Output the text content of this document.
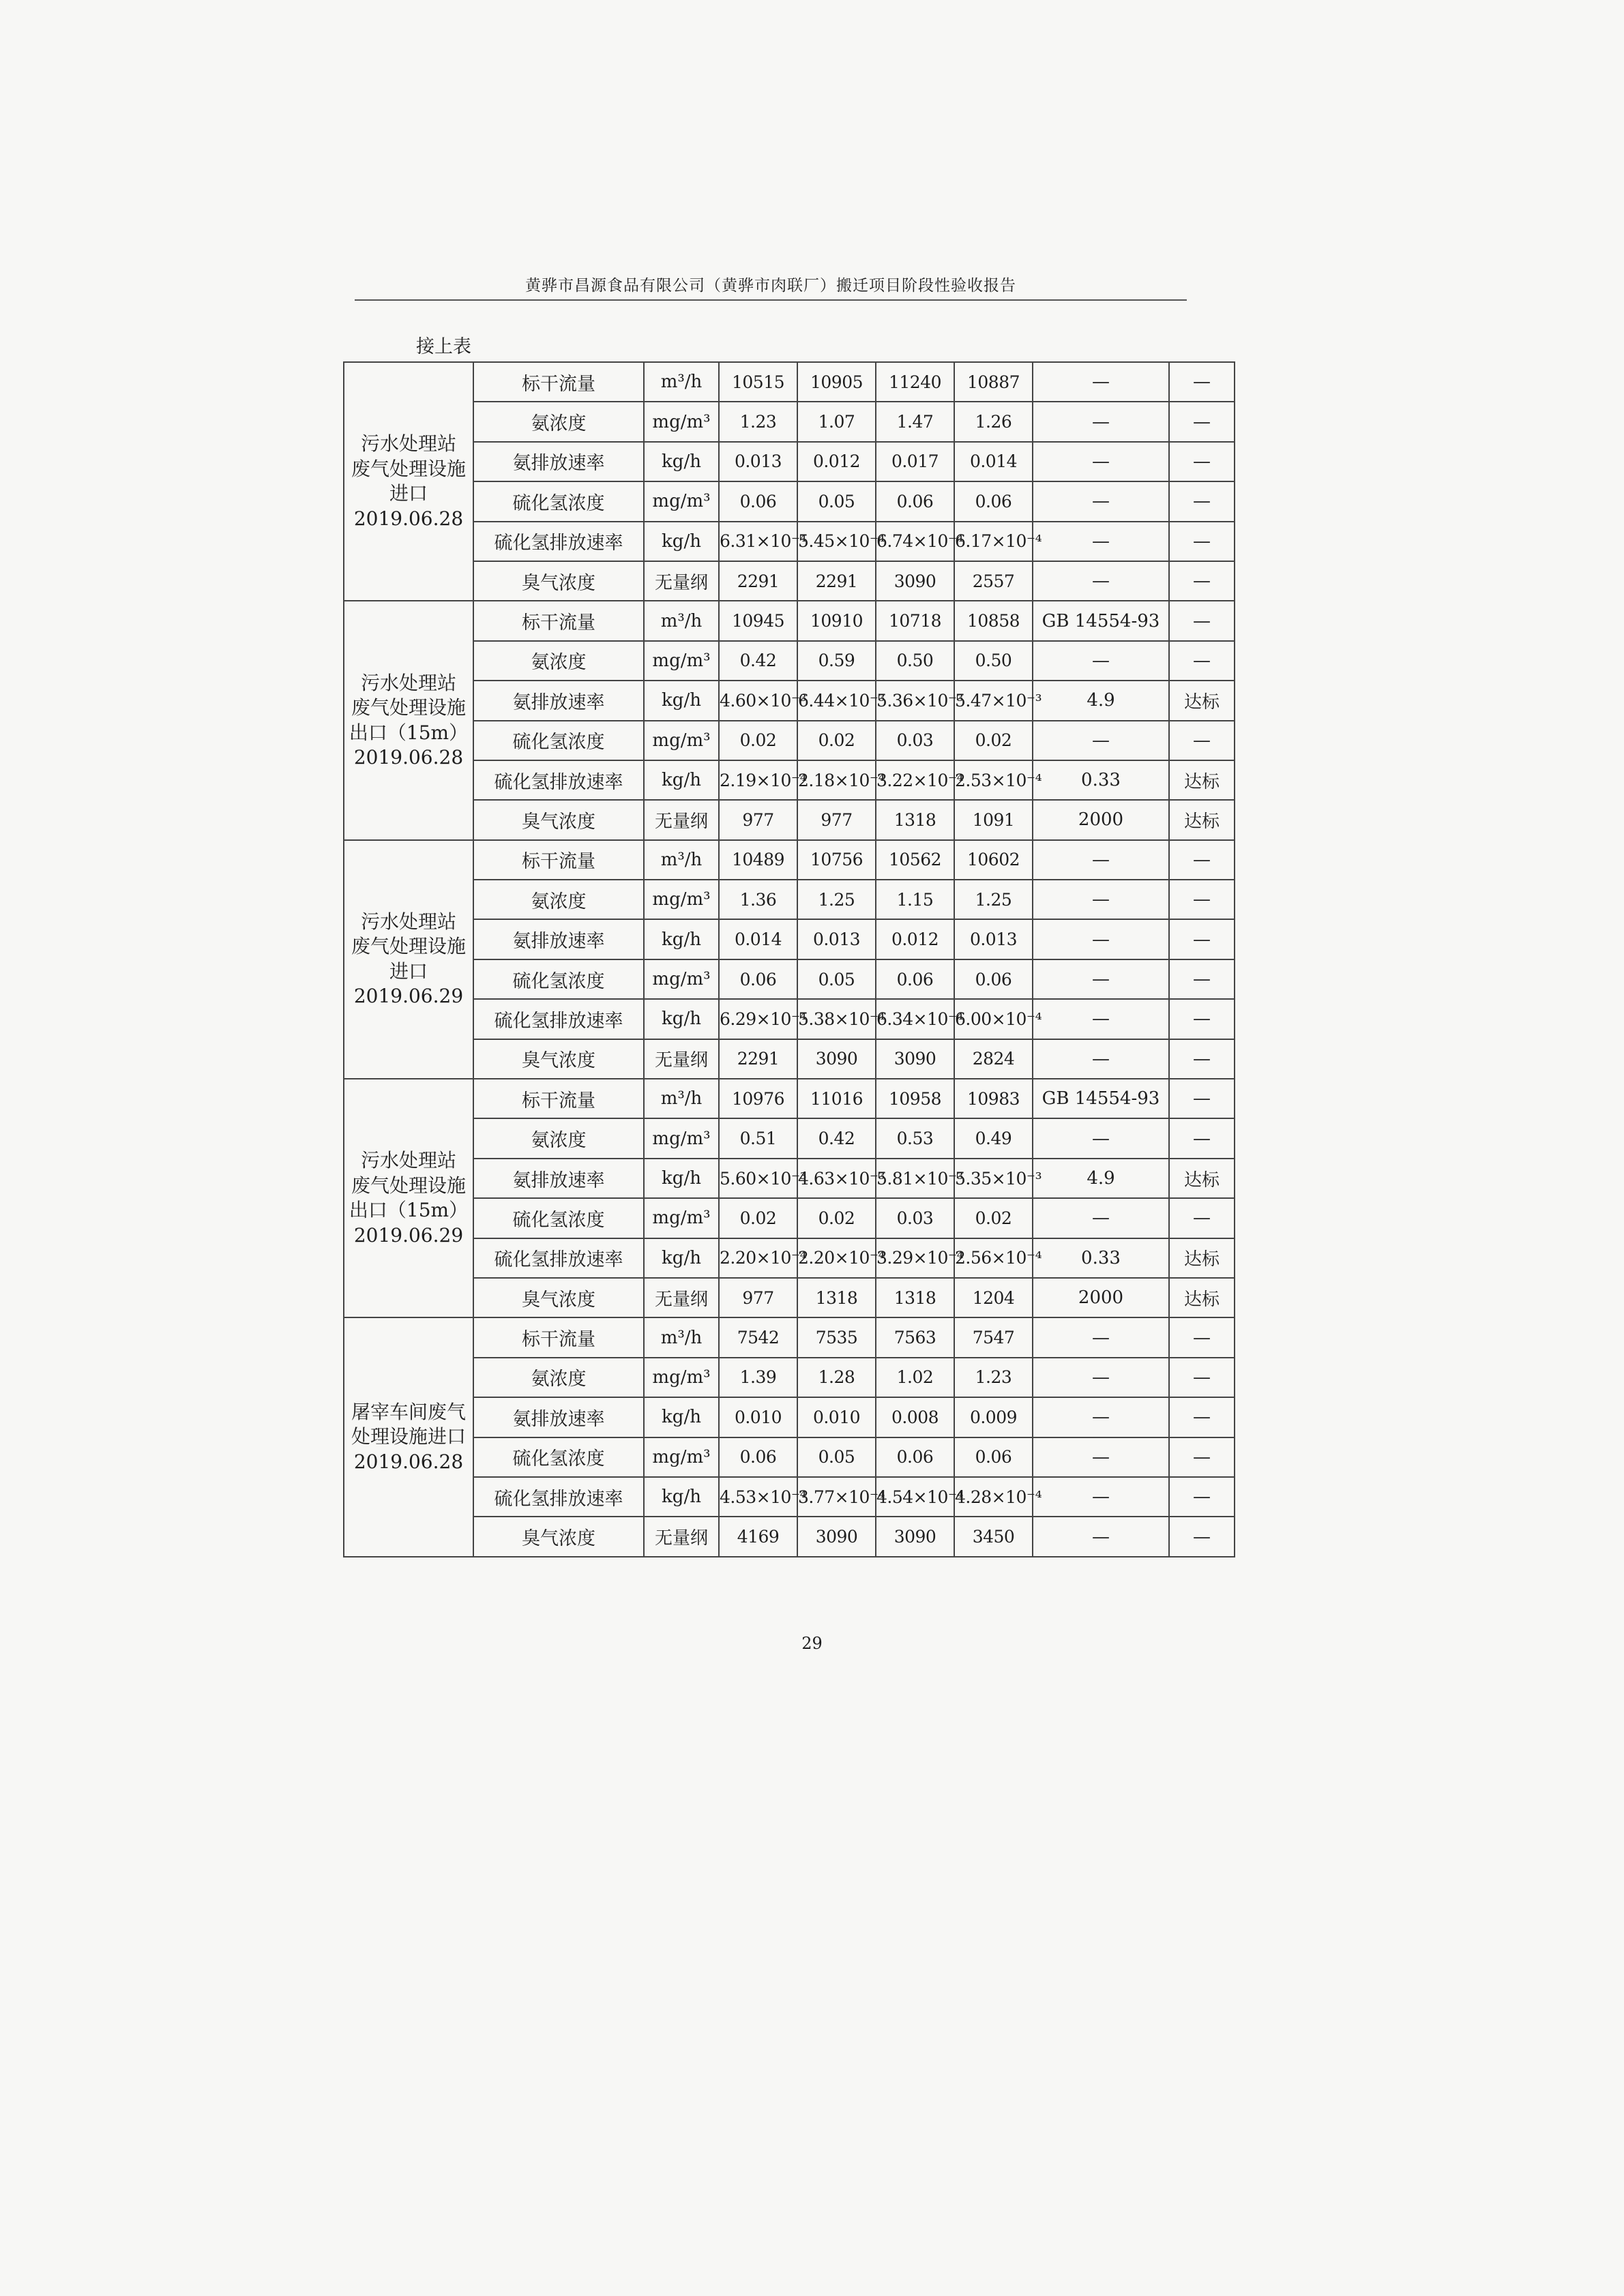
黄骅市昌源食品有限公司（黄骅市肉联厂）搬迁项目阶段性验收报告
接上表
污水处理站
废气处理设施
进口
2019.06.28	标干流量	m³/h	10515	10905	11240	10887	—	—
	氨浓度	mg/m³	1.23	1.07	1.47	1.26	—	—
	氨排放速率	kg/h	0.013	0.012	0.017	0.014	—	—
	硫化氢浓度	mg/m³	0.06	0.05	0.06	0.06	—	—
	硫化氢排放速率	kg/h	6.31×10⁻⁴	5.45×10⁻⁴	6.74×10⁻⁴	6.17×10⁻⁴	—	—
	臭气浓度	无量纲	2291	2291	3090	2557	—	—

污水处理站
废气处理设施
出口（15m）
2019.06.28	标干流量	m³/h	10945	10910	10718	10858	GB 14554-93	—
	氨浓度	mg/m³	0.42	0.59	0.50	0.50	—	—
	氨排放速率	kg/h	4.60×10⁻³	6.44×10⁻³	5.36×10⁻³	5.47×10⁻³	4.9	达标
	硫化氢浓度	mg/m³	0.02	0.02	0.03	0.02	—	—
	硫化氢排放速率	kg/h	2.19×10⁻⁴	2.18×10⁻⁴	3.22×10⁻⁴	2.53×10⁻⁴	0.33	达标
	臭气浓度	无量纲	977	977	1318	1091	2000	达标

污水处理站
废气处理设施
进口
2019.06.29	标干流量	m³/h	10489	10756	10562	10602	—	—
	氨浓度	mg/m³	1.36	1.25	1.15	1.25	—	—
	氨排放速率	kg/h	0.014	0.013	0.012	0.013	—	—
	硫化氢浓度	mg/m³	0.06	0.05	0.06	0.06	—	—
	硫化氢排放速率	kg/h	6.29×10⁻⁴	5.38×10⁻⁴	6.34×10⁻⁴	6.00×10⁻⁴	—	—
	臭气浓度	无量纲	2291	3090	3090	2824	—	—

污水处理站
废气处理设施
出口（15m）
2019.06.29	标干流量	m³/h	10976	11016	10958	10983	GB 14554-93	—
	氨浓度	mg/m³	0.51	0.42	0.53	0.49	—	—
	氨排放速率	kg/h	5.60×10⁻³	4.63×10⁻³	5.81×10⁻³	5.35×10⁻³	4.9	达标
	硫化氢浓度	mg/m³	0.02	0.02	0.03	0.02	—	—
	硫化氢排放速率	kg/h	2.20×10⁻⁴	2.20×10⁻⁴	3.29×10⁻⁴	2.56×10⁻⁴	0.33	达标
	臭气浓度	无量纲	977	1318	1318	1204	2000	达标

屠宰车间废气
处理设施进口
2019.06.28	标干流量	m³/h	7542	7535	7563	7547	—	—
	氨浓度	mg/m³	1.39	1.28	1.02	1.23	—	—
	氨排放速率	kg/h	0.010	0.010	0.008	0.009	—	—
	硫化氢浓度	mg/m³	0.06	0.05	0.06	0.06	—	—
	硫化氢排放速率	kg/h	4.53×10⁻⁴	3.77×10⁻⁴	4.54×10⁻⁴	4.28×10⁻⁴	—	—
	臭气浓度	无量纲	4169	3090	3090	3450	—	—
29
